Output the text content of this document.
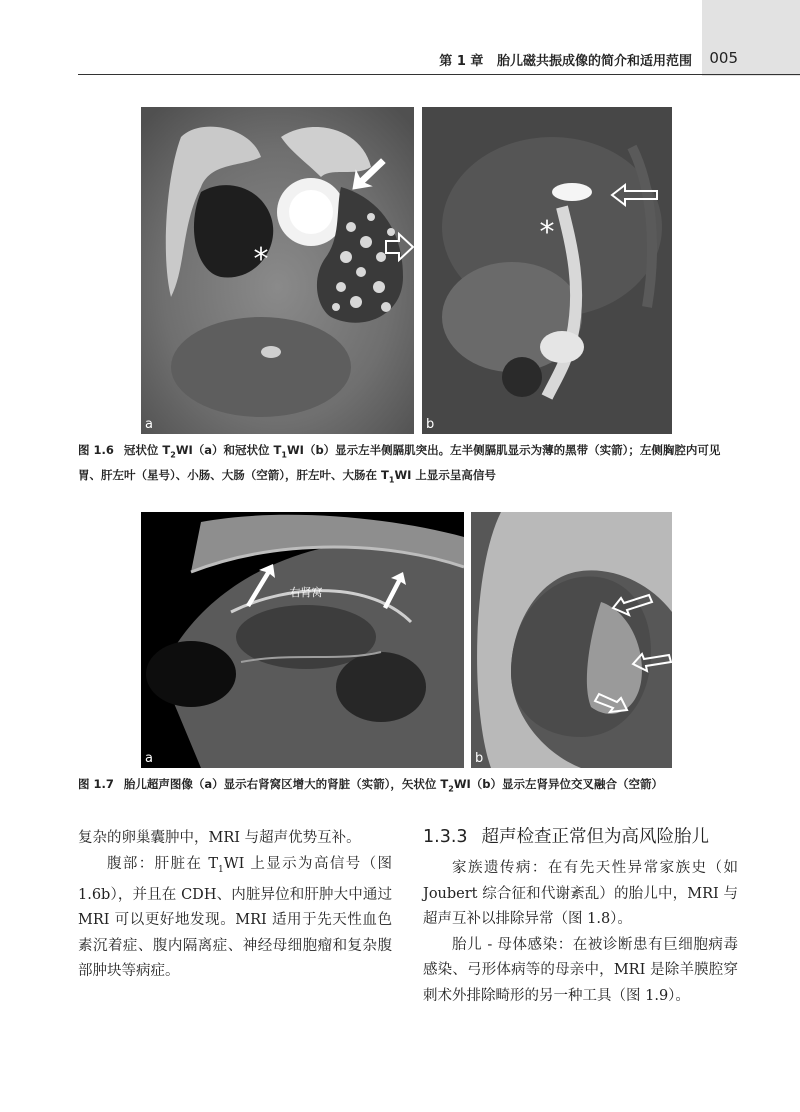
第 1 章 胎儿磁共振成像的简介和适用范围 005
*
a
*
b
图 1.6 冠状位 $T_2WI(a)$和冠状位 $T_1WI(b)$显示左半侧膈肌突出。左半侧膈肌显示为薄的黑带（实箭）；左侧胸腔内可见胃、肝左叶（星号）、小肠、大肠（空箭），肝左叶、大肠在 $T_1WI$ 上显示呈高信号
右肾窝
a	b
图 1.7 胎儿超声图像（a）显示右肾窝区增大的肾脏（实箭），矢状位 $T_2WI(b)$显示左肾异位交叉融合（空箭）

复杂的卵巢囊肿中，MRI 与超声优势互补。

腹部：肝脏在 $T_1WI$ 上显示为高信号（图 1.6b），并且在 CDH、内脏异位和肝肿大中通过 MRI 可以更好地发现。MRI 适用于先天性血色素沉着症、腹内隔离症、神经母细胞瘤和复杂腹部肿块等病症。

1.3.3 超声检查正常但为高风险胎儿

家族遗传病：在有先天性异常家族史（如 Joubert 综合征和代谢紊乱）的胎儿中，MRI 与超声互补以排除异常（图 1.8）。

胎儿 - 母体感染：在被诊断患有巨细胞病毒感染、弓形体病等的母亲中，MRI 是除羊膜腔穿刺术外排除畸形的另一种工具（图 1.9）。
